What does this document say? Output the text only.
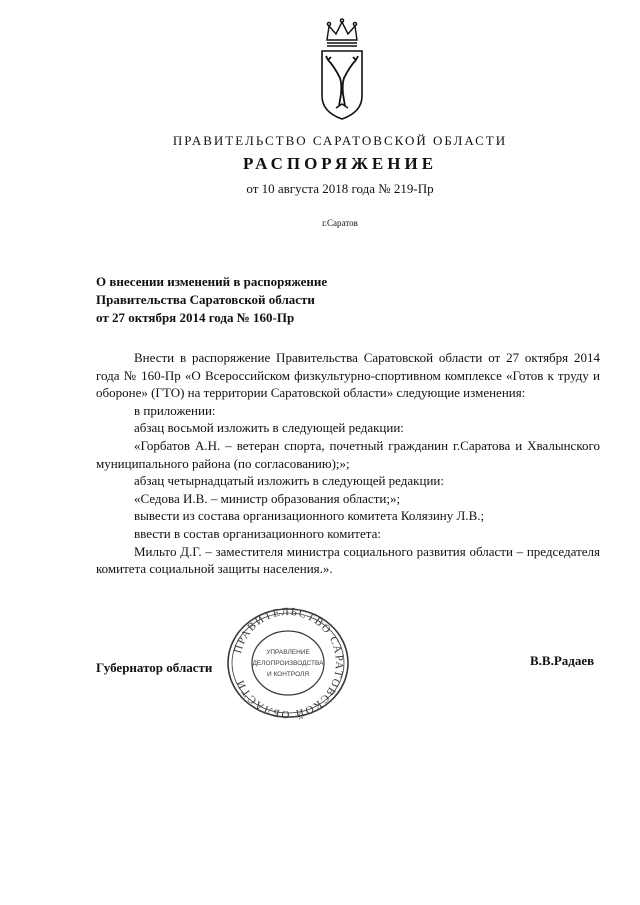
ПРАВИТЕЛЬСТВО САРАТОВСКОЙ ОБЛАСТИ
РАСПОРЯЖЕНИЕ
от 10 августа 2018 года № 219-Пр
г.Саратов
О внесении изменений в распоряжение
Правительства Саратовской области
от 27 октября 2014 года № 160-Пр

Внести в распоряжение Правительства Саратовской области от 27 октября 2014 года № 160-Пр «О Всероссийском физкультурно-спортивном комплексе «Готов к труду и обороне» (ГТО) на территории Саратовской области» следующие изменения:

в приложении:

абзац восьмой изложить в следующей редакции:

«Горбатов А.Н. – ветеран спорта, почетный гражданин г.Саратова и Хвалынского муниципального района (по согласованию);»;

абзац четырнадцатый изложить в следующей редакции:

«Седова И.В. – министр образования области;»;

вывести из состава организационного комитета Колязину Л.В.;

ввести в состав организационного комитета:

Мильто Д.Г. – заместителя министра социального развития области – председателя комитета социальной защиты населения.».

Губернатор области	В.В.Радаев
ПРАВИТЕЛЬСТВО САРАТОВСКОЙ ОБЛАСТИ
УПРАВЛЕНИЕ
ДЕЛОПРОИЗВОДСТВА
И КОНТРОЛЯ
